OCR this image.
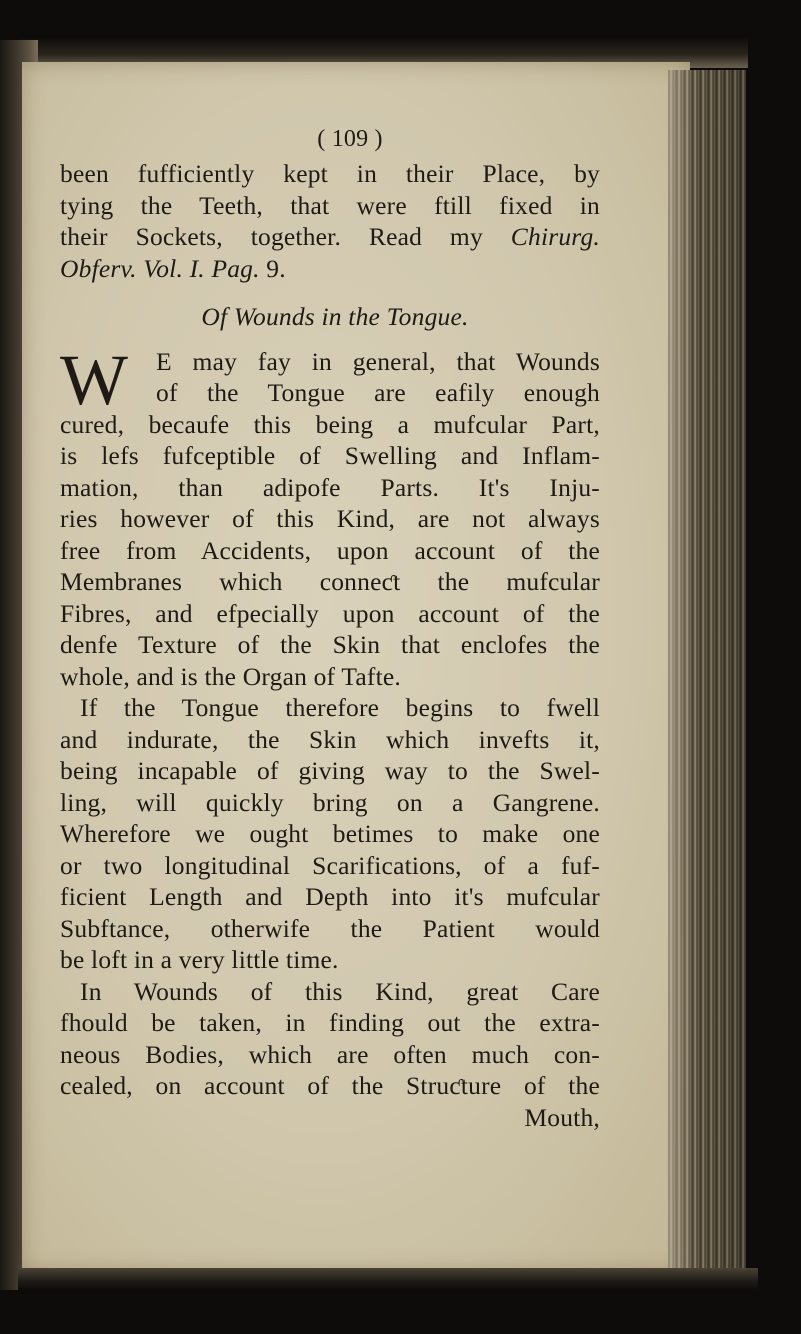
( 109 )
been fufficiently kept in their Place, by
tying the Teeth, that were ftill fixed in
their Sockets, together. Read my Chirurg.
Obferv. Vol. I. Pag. 9.
Of Wounds in the Tongue.
W	E may fay in general, that Wounds
of the Tongue are eafily enough
cured, becaufe this being a mufcular Part,
is lefs fufceptible of Swelling and Inflam-
mation, than adipofe Parts. It's Inju-
ries however of this Kind, are not always
free from Accidents, upon account of the
Membranes which conneƈt the mufcular
Fibres, and efpecially upon account of the
denfe Texture of the Skin that enclofes the
whole, and is the Organ of Tafte.
If the Tongue therefore begins to fwell
and indurate, the Skin which invefts it,
being incapable of giving way to the Swel-
ling, will quickly bring on a Gangrene.
Wherefore we ought betimes to make one
or two longitudinal Scarifications, of a fuf-
ficient Length and Depth into it's mufcular
Subftance, otherwife the Patient would
be loft in a very little time.
In Wounds of this Kind, great Care
fhould be taken, in finding out the extra-
neous Bodies, which are often much con-
cealed, on account of the Struƈture of the
Mouth,
